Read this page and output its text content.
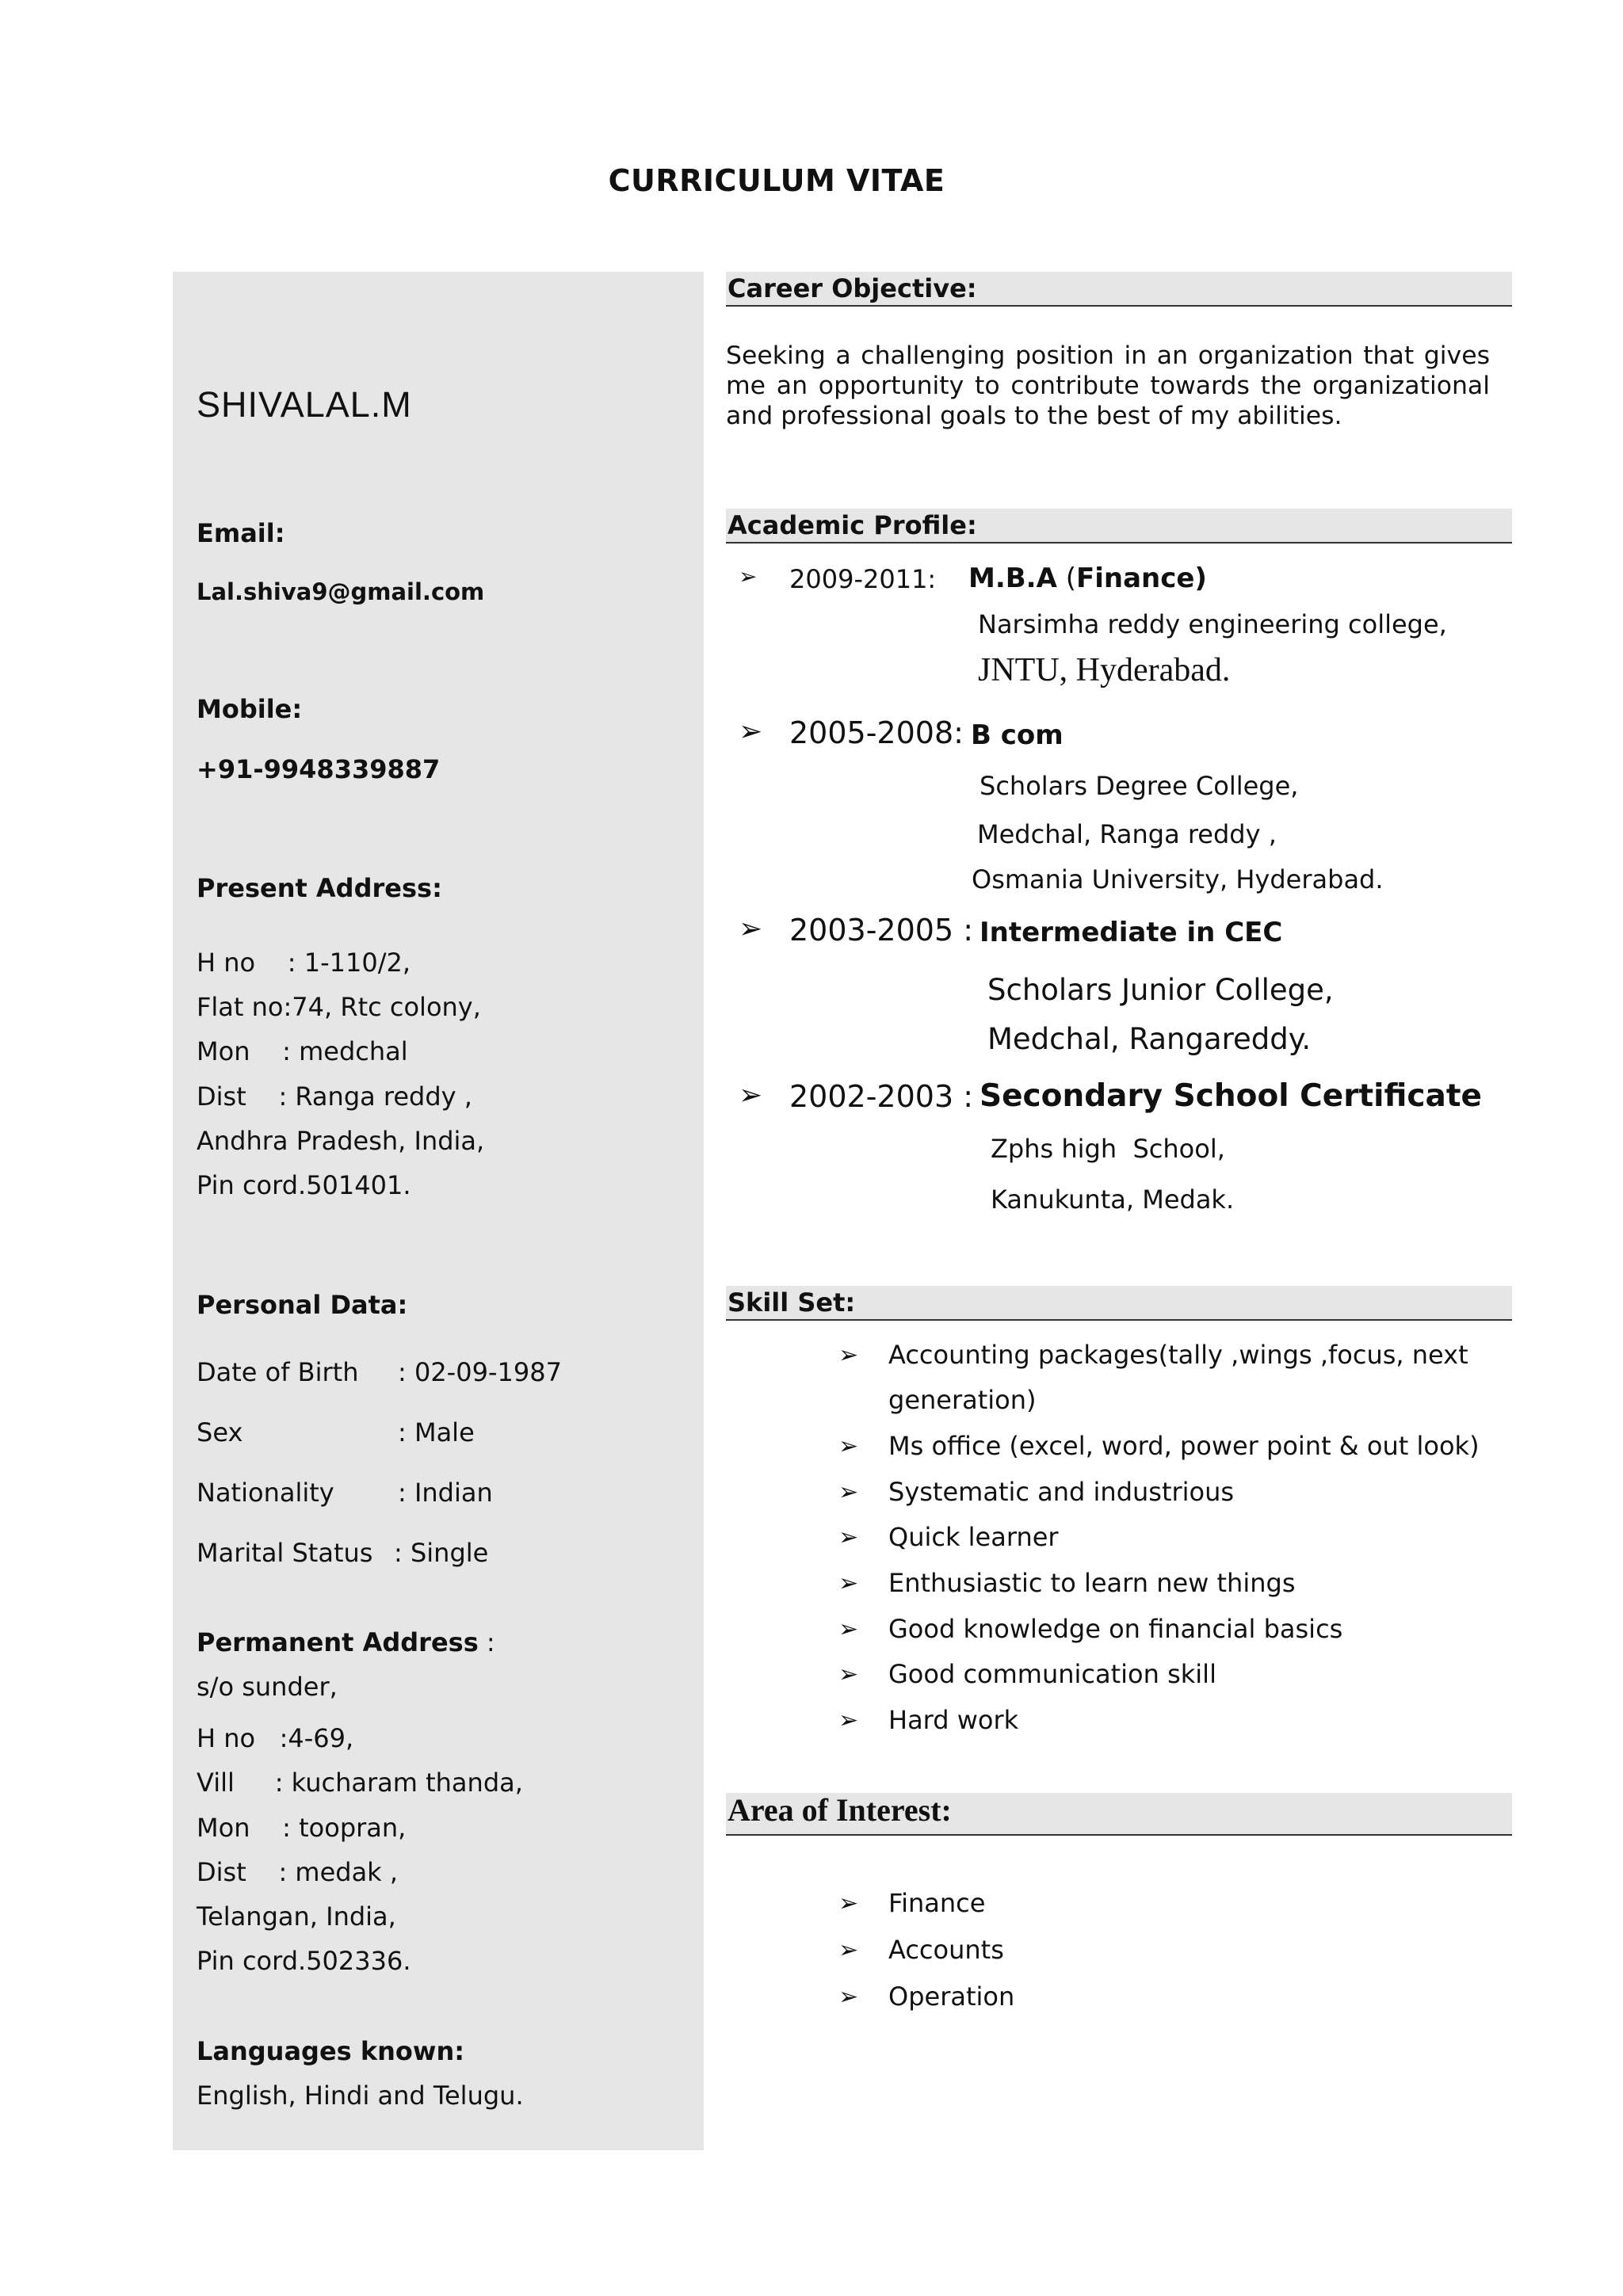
CURRICULUM VITAE
SHIVALAL.M
Email:
Lal.shiva9@gmail.com
Mobile:
+91-9948339887
Present Address:
H no    : 1-110/2,
Flat no:74, Rtc colony,
Mon    : medchal
Dist    : Ranga reddy ,
Andhra Pradesh, India,
Pin cord.501401.
Personal Data:
Date of Birth : 02-09-1987
Sex	: Male
Nationality	: Indian
Marital Status : Single
Permanent Address :
s/o sunder,
H no   :4-69,
Vill     : kucharam thanda,
Mon    : toopran,
Dist    : medak ,
Telangan, India,
Pin cord.502336.
Languages known:
English, Hindi and Telugu.
Career Objective:
Seeking a challenging position in an organization that gives me an opportunity to contribute towards the organizational and professional goals to the best of my abilities.
Academic Profile:
➢ 2009-2011: M.B.A (Finance)
Narsimha reddy engineering college,
JNTU, Hyderabad.
➢ 2005-2008: B com
Scholars Degree College,
Medchal, Ranga reddy ,
Osmania University, Hyderabad.
➢ 2003-2005 : Intermediate in CEC
Scholars Junior College,
Medchal, Rangareddy.
➢ 2002-2003 : Secondary School Certificate
Zphs high  School,
Kanukunta, Medak.
Skill Set:
➢ Accounting packages(tally ,wings ,focus, next
generation)
➢ Ms office (excel, word, power point & out look)
➢ Systematic and industrious
➢ Quick learner
➢ Enthusiastic to learn new things
➢ Good knowledge on financial basics
➢ Good communication skill
➢ Hard work
Area of Interest:
➢ Finance
➢ Accounts
➢ Operation
